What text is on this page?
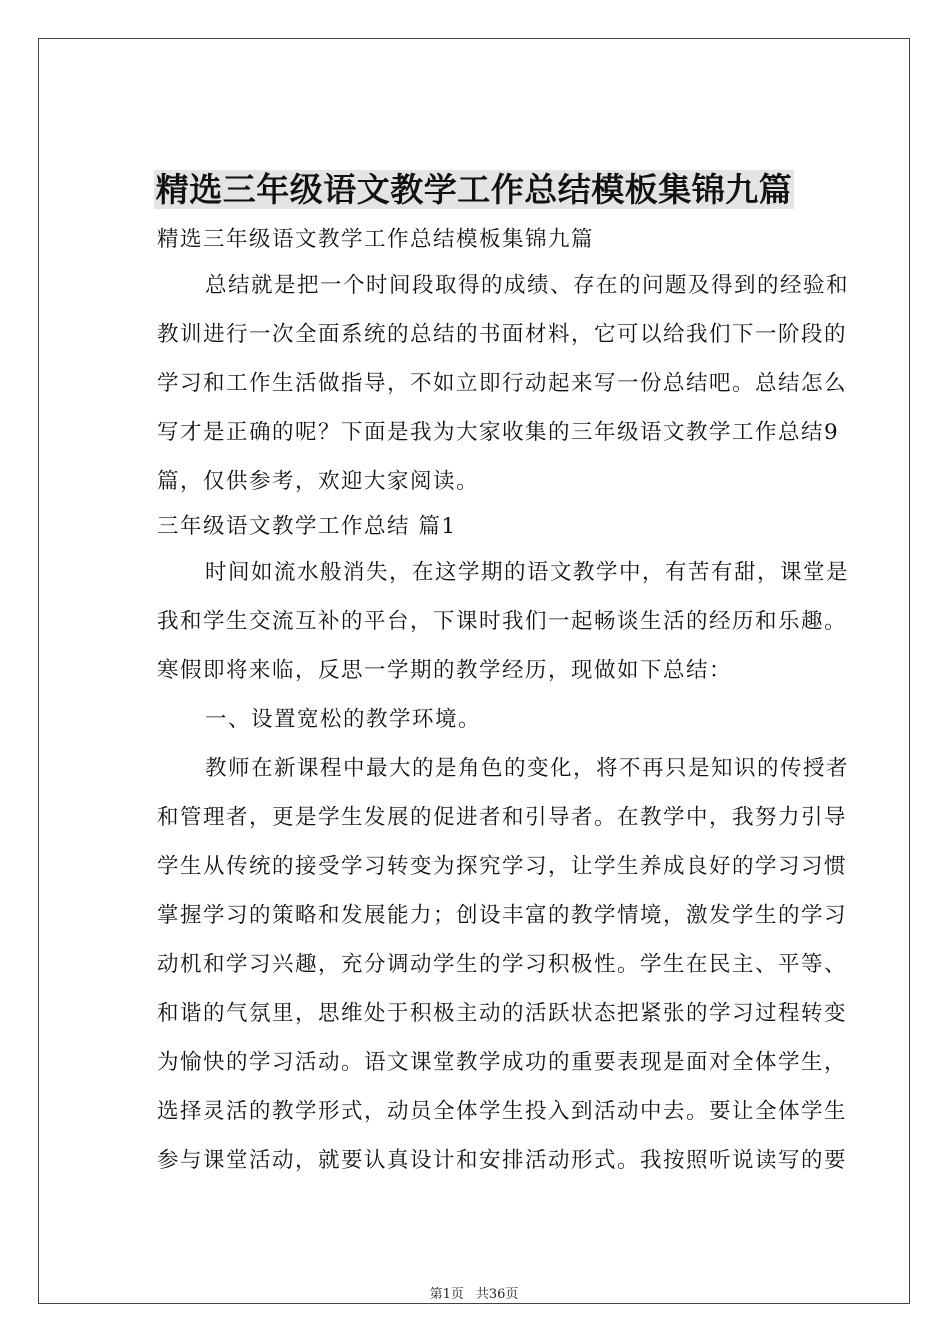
精选三年级语文教学工作总结模板集锦九篇
精选三年级语文教学工作总结模板集锦九篇
总结就是把一个时间段取得的成绩、存在的问题及得到的经验和
教训进行一次全面系统的总结的书面材料，它可以给我们下一阶段的
学习和工作生活做指导，不如立即行动起来写一份总结吧。总结怎么
写才是正确的呢？下面是我为大家收集的三年级语文教学工作总结9
篇，仅供参考，欢迎大家阅读。
三年级语文教学工作总结 篇1
时间如流水般消失，在这学期的语文教学中，有苦有甜，课堂是
我和学生交流互补的平台，下课时我们一起畅谈生活的经历和乐趣。
寒假即将来临，反思一学期的教学经历，现做如下总结：
一、设置宽松的教学环境。
教师在新课程中最大的是角色的变化，将不再只是知识的传授者
和管理者，更是学生发展的促进者和引导者。在教学中，我努力引导
学生从传统的接受学习转变为探究学习，让学生养成良好的学习习惯
掌握学习的策略和发展能力；创设丰富的教学情境，激发学生的学习
动机和学习兴趣，充分调动学生的学习积极性。学生在民主、平等、
和谐的气氛里，思维处于积极主动的活跃状态把紧张的学习过程转变
为愉快的学习活动。语文课堂教学成功的重要表现是面对全体学生，
选择灵活的教学形式，动员全体学生投入到活动中去。要让全体学生
参与课堂活动，就要认真设计和安排活动形式。我按照听说读写的要
第1页 共36页
